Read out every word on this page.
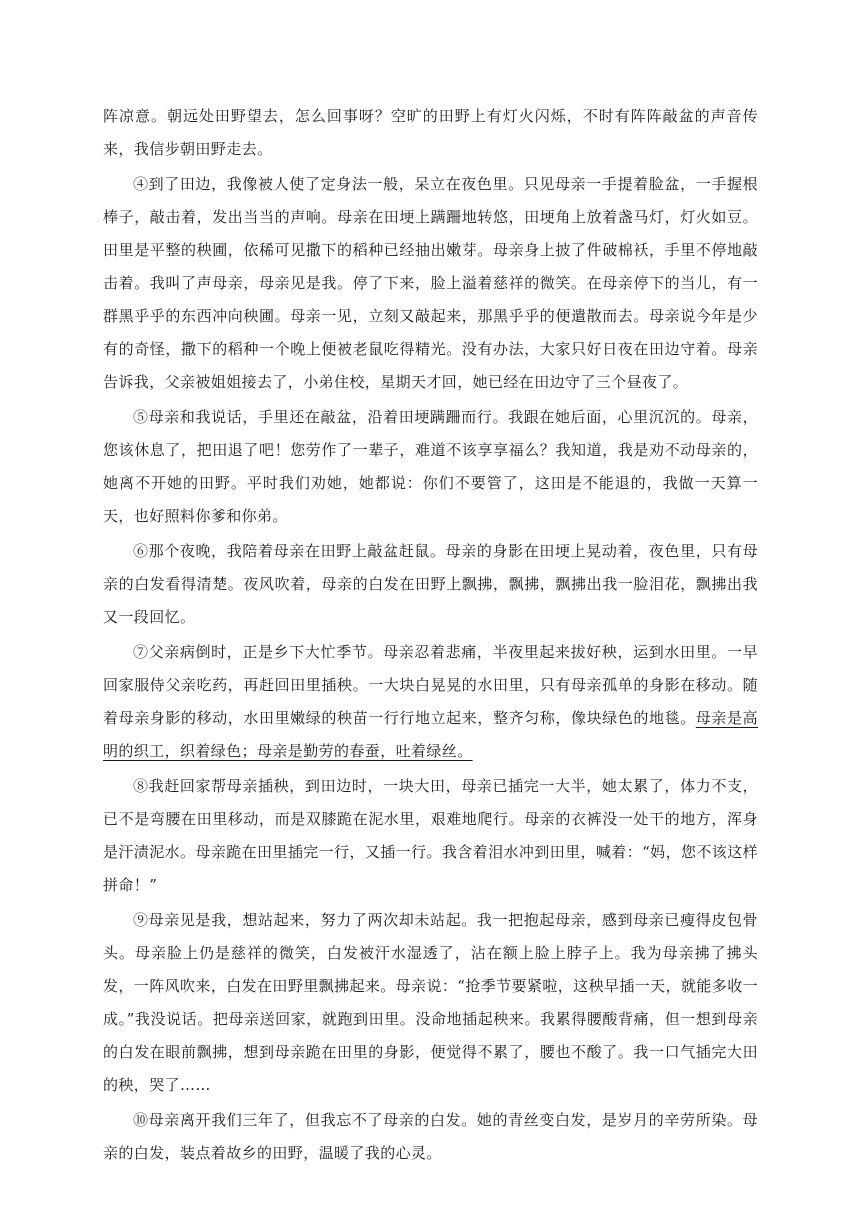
阵凉意。朝远处田野望去，怎么回事呀？空旷的田野上有灯火闪烁，不时有阵阵敲盆的声音传来，我信步朝田野走去。

④到了田边，我像被人使了定身法一般，呆立在夜色里。只见母亲一手提着脸盆，一手握根棒子，敲击着，发出当当的声响。母亲在田埂上蹒跚地转悠，田埂角上放着盏马灯，灯火如豆。田里是平整的秧圃，依稀可见撒下的稻种已经抽出嫩芽。母亲身上披了件破棉袄，手里不停地敲击着。我叫了声母亲，母亲见是我。停了下来，脸上溢着慈祥的微笑。在母亲停下的当儿，有一群黑乎乎的东西冲向秧圃。母亲一见，立刻又敲起来，那黑乎乎的便遣散而去。母亲说今年是少有的奇怪，撒下的稻种一个晚上便被老鼠吃得精光。没有办法，大家只好日夜在田边守着。母亲告诉我，父亲被姐姐接去了，小弟住校，星期天才回，她已经在田边守了三个昼夜了。

⑤母亲和我说话，手里还在敲盆，沿着田埂蹒跚而行。我跟在她后面，心里沉沉的。母亲，您该休息了，把田退了吧！您劳作了一辈子，难道不该享享福么？我知道，我是劝不动母亲的，她离不开她的田野。平时我们劝她，她都说：你们不要管了，这田是不能退的，我做一天算一天，也好照料你爹和你弟。

⑥那个夜晚，我陪着母亲在田野上敲盆赶鼠。母亲的身影在田埂上晃动着，夜色里，只有母亲的白发看得清楚。夜风吹着，母亲的白发在田野上飘拂，飘拂，飘拂出我一脸泪花，飘拂出我又一段回忆。

⑦父亲病倒时，正是乡下大忙季节。母亲忍着悲痛，半夜里起来拔好秧，运到水田里。一早回家服侍父亲吃药，再赶回田里插秧。一大块白晃晃的水田里，只有母亲孤单的身影在移动。随着母亲身影的移动，水田里嫩绿的秧苗一行行地立起来，整齐匀称，像块绿色的地毯。母亲是高明的织工，织着绿色；母亲是勤劳的春蚕，吐着绿丝。

⑧我赶回家帮母亲插秧，到田边时，一块大田，母亲已插完一大半，她太累了，体力不支，已不是弯腰在田里移动，而是双膝跪在泥水里，艰难地爬行。母亲的衣裤没一处干的地方，浑身是汗渍泥水。母亲跪在田里插完一行，又插一行。我含着泪水冲到田里，喊着：“妈，您不该这样拼命！”

⑨母亲见是我，想站起来，努力了两次却未站起。我一把抱起母亲，感到母亲已瘦得皮包骨头。母亲脸上仍是慈祥的微笑，白发被汗水湿透了，沾在额上脸上脖子上。我为母亲拂了拂头发，一阵风吹来，白发在田野里飘拂起来。母亲说：“抢季节要紧啦，这秧早插一天，就能多收一成。”我没说话。把母亲送回家，就跑到田里。没命地插起秧来。我累得腰酸背痛，但一想到母亲的白发在眼前飘拂，想到母亲跪在田里的身影，便觉得不累了，腰也不酸了。我一口气插完大田的秧，哭了……

⑩母亲离开我们三年了，但我忘不了母亲的白发。她的青丝变白发，是岁月的辛劳所染。母亲的白发，装点着故乡的田野，温暖了我的心灵。
